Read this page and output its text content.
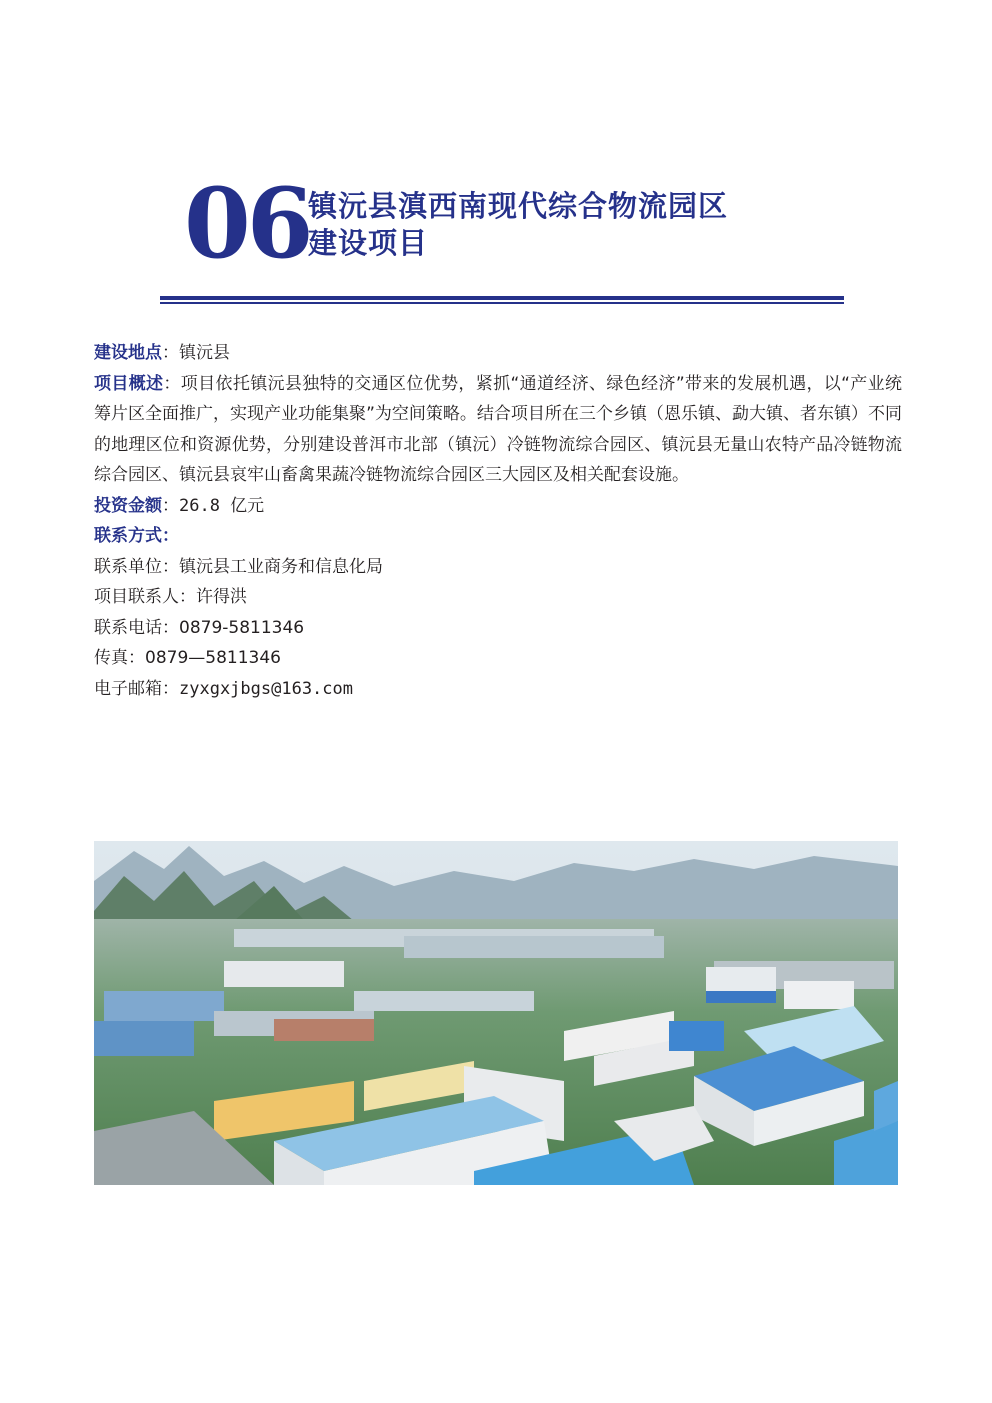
06
镇沅县滇西南现代综合物流园区
建设项目

建设地点：镇沅县

项目概述：项目依托镇沅县独特的交通区位优势，紧抓“通道经济、绿色经济”带来的发展机遇，以“产业统筹片区全面推广，实现产业功能集聚”为空间策略。结合项目所在三个乡镇（恩乐镇、勐大镇、者东镇）不同的地理区位和资源优势，分别建设普洱市北部（镇沅）冷链物流综合园区、镇沅县无量山农特产品冷链物流综合园区、镇沅县哀牢山畜禽果蔬冷链物流综合园区三大园区及相关配套设施。

投资金额：26.8 亿元

联系方式：

联系单位：镇沅县工业商务和信息化局

项目联系人：许得洪

联系电话：0879-5811346

传真：0879—5811346

电子邮箱：zyxgxjbgs@163.com
